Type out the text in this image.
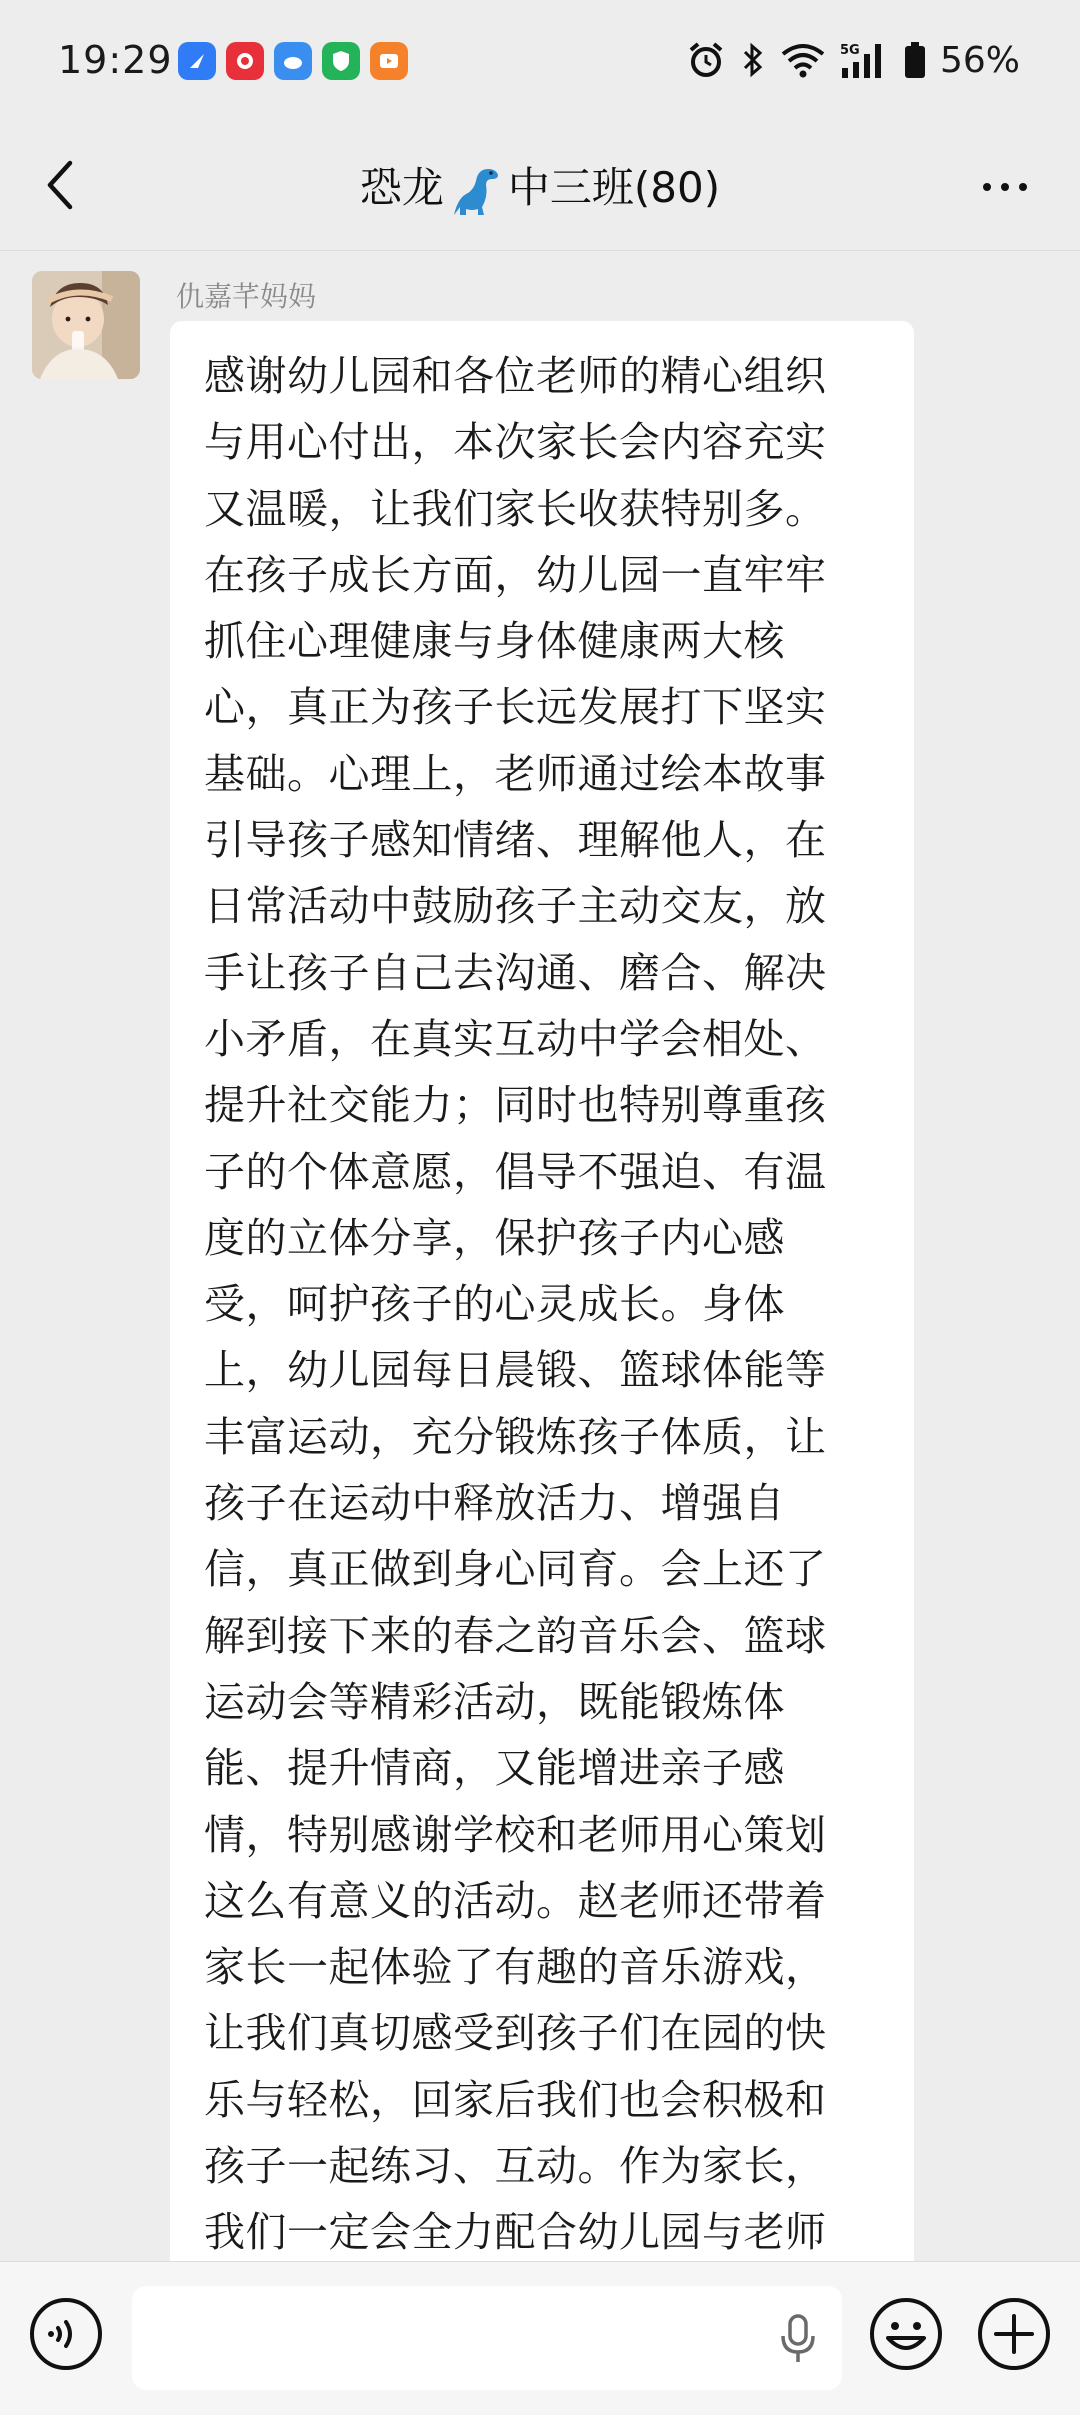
19:29	5G 56%
恐龙 中三班(80)
仇嘉芊妈妈
感谢幼儿园和各位老师的精心组织
与用心付出，本次家长会内容充实
又温暖，让我们家长收获特别多。
在孩子成长方面，幼儿园一直牢牢
抓住心理健康与身体健康两大核
心，真正为孩子长远发展打下坚实
基础。心理上，老师通过绘本故事
引导孩子感知情绪、理解他人，在
日常活动中鼓励孩子主动交友，放
手让孩子自己去沟通、磨合、解决
小矛盾，在真实互动中学会相处、
提升社交能力；同时也特别尊重孩
子的个体意愿，倡导不强迫、有温
度的立体分享，保护孩子内心感
受，呵护孩子的心灵成长。身体
上，幼儿园每日晨锻、篮球体能等
丰富运动，充分锻炼孩子体质，让
孩子在运动中释放活力、增强自
信，真正做到身心同育。会上还了
解到接下来的春之韵音乐会、篮球
运动会等精彩活动，既能锻炼体
能、提升情商，又能增进亲子感
情，特别感谢学校和老师用心策划
这么有意义的活动。赵老师还带着
家长一起体验了有趣的音乐游戏，
让我们真切感受到孩子们在园的快
乐与轻松，回家后我们也会积极和
孩子一起练习、互动。作为家长，
我们一定会全力配合幼儿园与老师
